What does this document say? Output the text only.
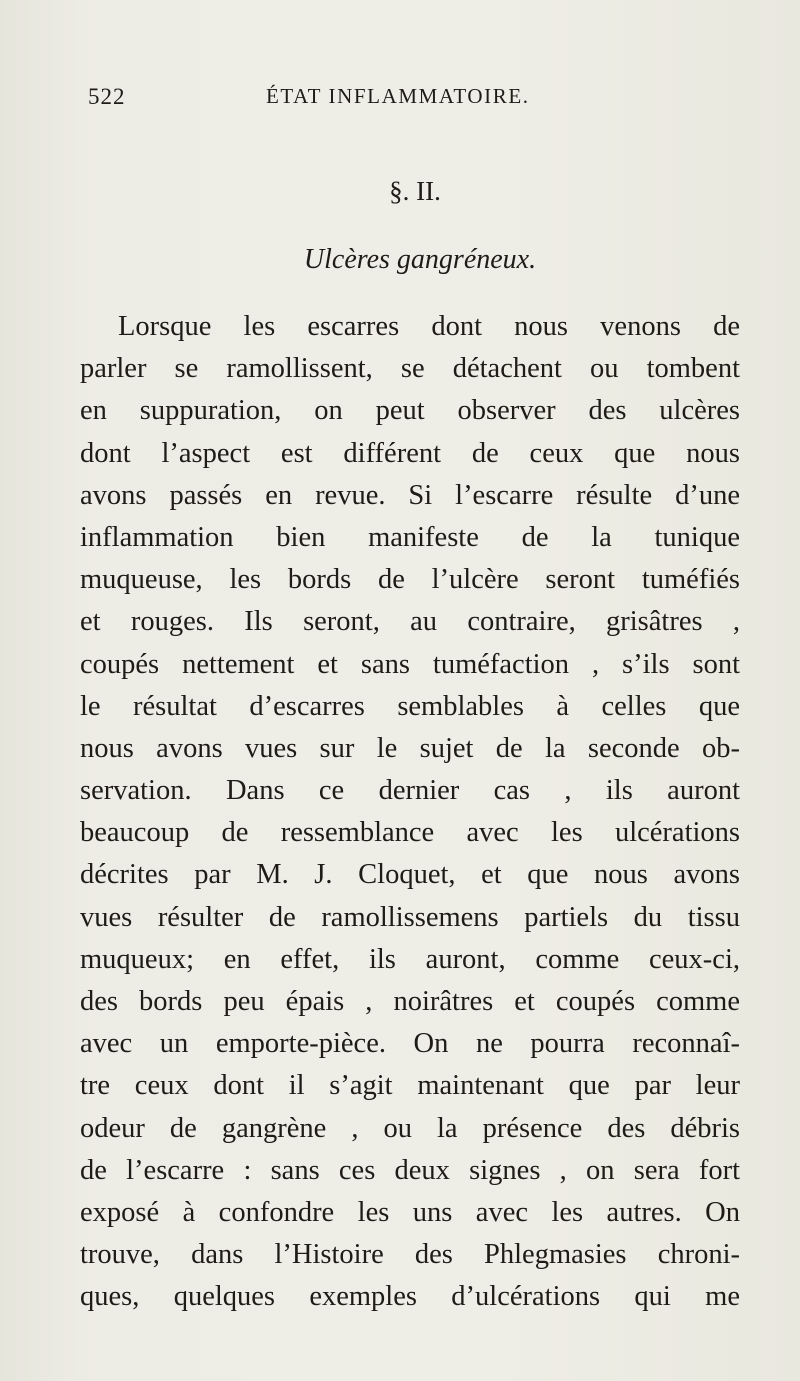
522	ÉTAT INFLAMMATOIRE.
§. II.
Ulcères gangréneux.
Lorsque les escarres dont nous venons de
parler se ramollissent, se détachent ou tombent
en suppuration, on peut observer des ulcères
dont l’aspect est différent de ceux que nous
avons passés en revue. Si l’escarre résulte d’une
inflammation bien manifeste de la tunique
muqueuse, les bords de l’ulcère seront tuméfiés
et rouges. Ils seront, au contraire, grisâtres ,
coupés nettement et sans tuméfaction , s’ils sont
le résultat d’escarres semblables à celles que
nous avons vues sur le sujet de la seconde ob-
servation. Dans ce dernier cas , ils auront
beaucoup de ressemblance avec les ulcérations
décrites par M. J. Cloquet, et que nous avons
vues résulter de ramollissemens partiels du tissu
muqueux; en effet, ils auront, comme ceux-ci,
des bords peu épais , noirâtres et coupés comme
avec un emporte-pièce. On ne pourra reconnaî-
tre ceux dont il s’agit maintenant que par leur
odeur de gangrène , ou la présence des débris
de l’escarre : sans ces deux signes , on sera fort
exposé à confondre les uns avec les autres. On
trouve, dans l’Histoire des Phlegmasies chroni-
ques, quelques exemples d’ulcérations qui me
